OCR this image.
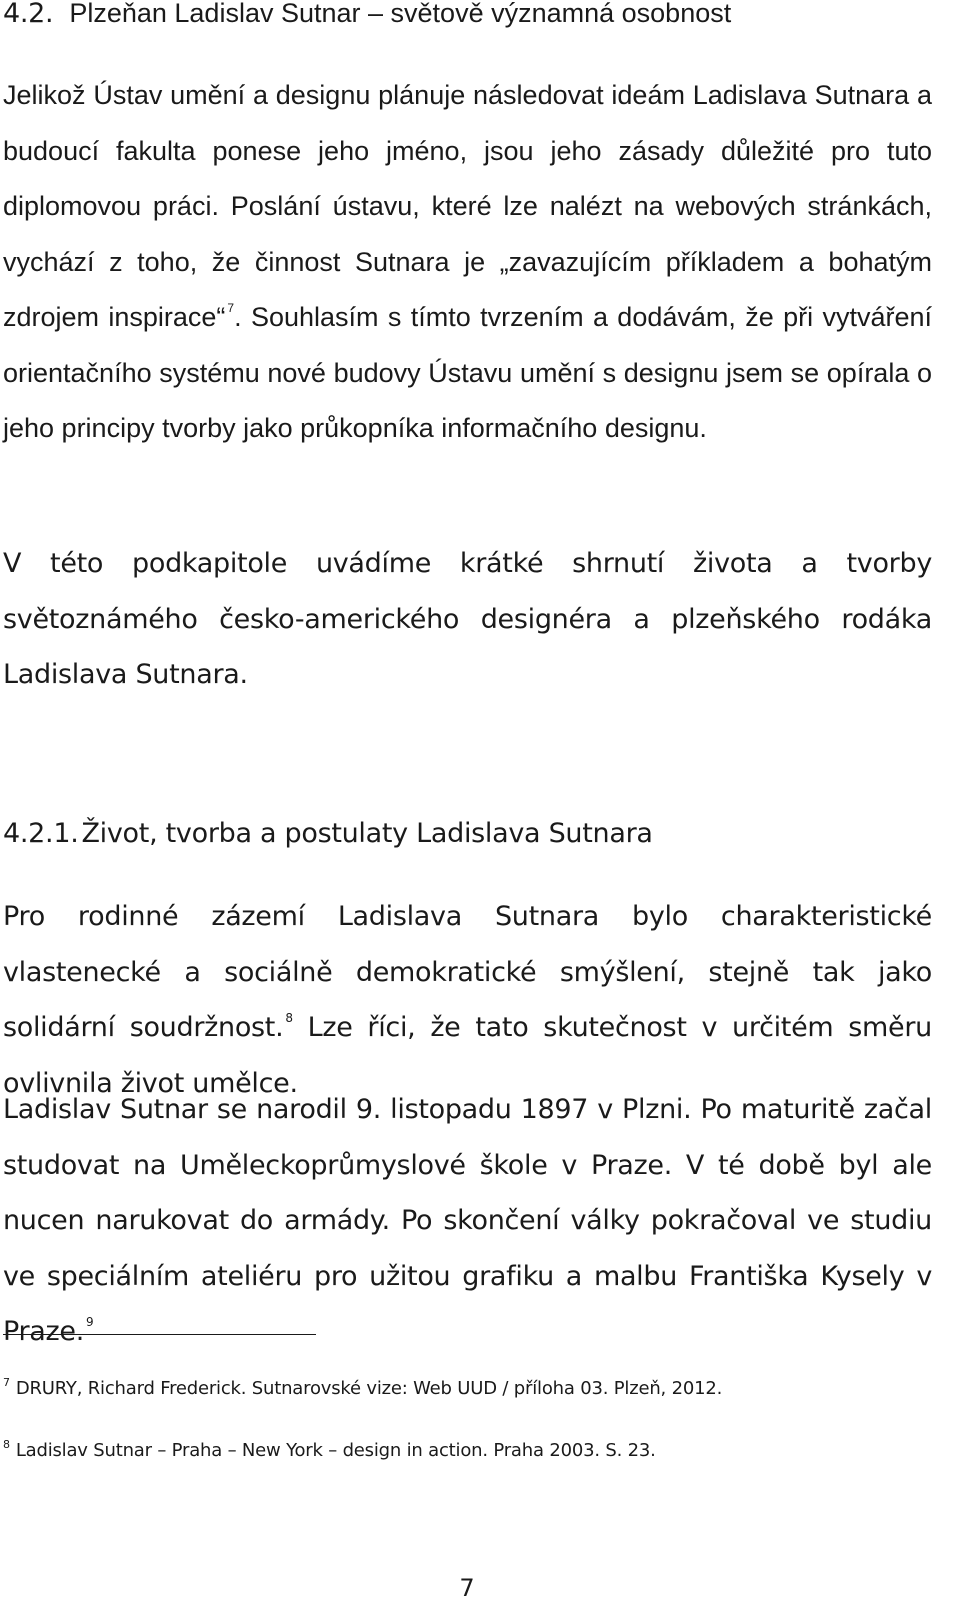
4.2. Plzeňan Ladislav Sutnar – světově významná osobnost

Jelikož Ústav umění a designu plánuje následovat ideám Ladislava Sutnara a budoucí fakulta ponese jeho jméno, jsou jeho zásady důležité pro tuto diplomovou práci. Poslání ústavu, které lze nalézt na webových stránkách, vychází z toho, že činnost Sutnara je „zavazujícím příkladem a bohatým zdrojem inspirace“ $^7$. Souhlasím s tímto tvrzením a dodávám, že při vytváření orientačního systému nové budovy Ústavu umění s designu jsem se opírala o jeho principy tvorby jako průkopníka informačního designu.

V této podkapitole uvádíme krátké shrnutí života a tvorby světoznámého česko-amerického designéra a plzeňského rodáka Ladislava Sutnara.

4.2.1. Život, tvorba a postulaty Ladislava Sutnara

Pro rodinné zázemí Ladislava Sutnara bylo charakteristické vlastenecké a sociálně demokratické smýšlení, stejně tak jako solidární soudržnost. $^8$ Lze říci, že tato skutečnost v určitém směru ovlivnila život umělce.

Ladislav Sutnar se narodil 9. listopadu 1897 v Plzni. Po maturitě začal studovat na Uměleckoprůmyslové škole v Praze. V té době byl ale nucen narukovat do armády. Po skončení války pokračoval ve studiu ve speciálním ateliéru pro užitou grafiku a malbu Františka Kysely v Praze. $^9$

$^7$ DRURY, Richard Frederick. Sutnarovské vize: Web UUD / příloha 03. Plzeň, 2012.

$^8$ Ladislav Sutnar – Praha – New York – design in action. Praha 2003. S. 23.

7
